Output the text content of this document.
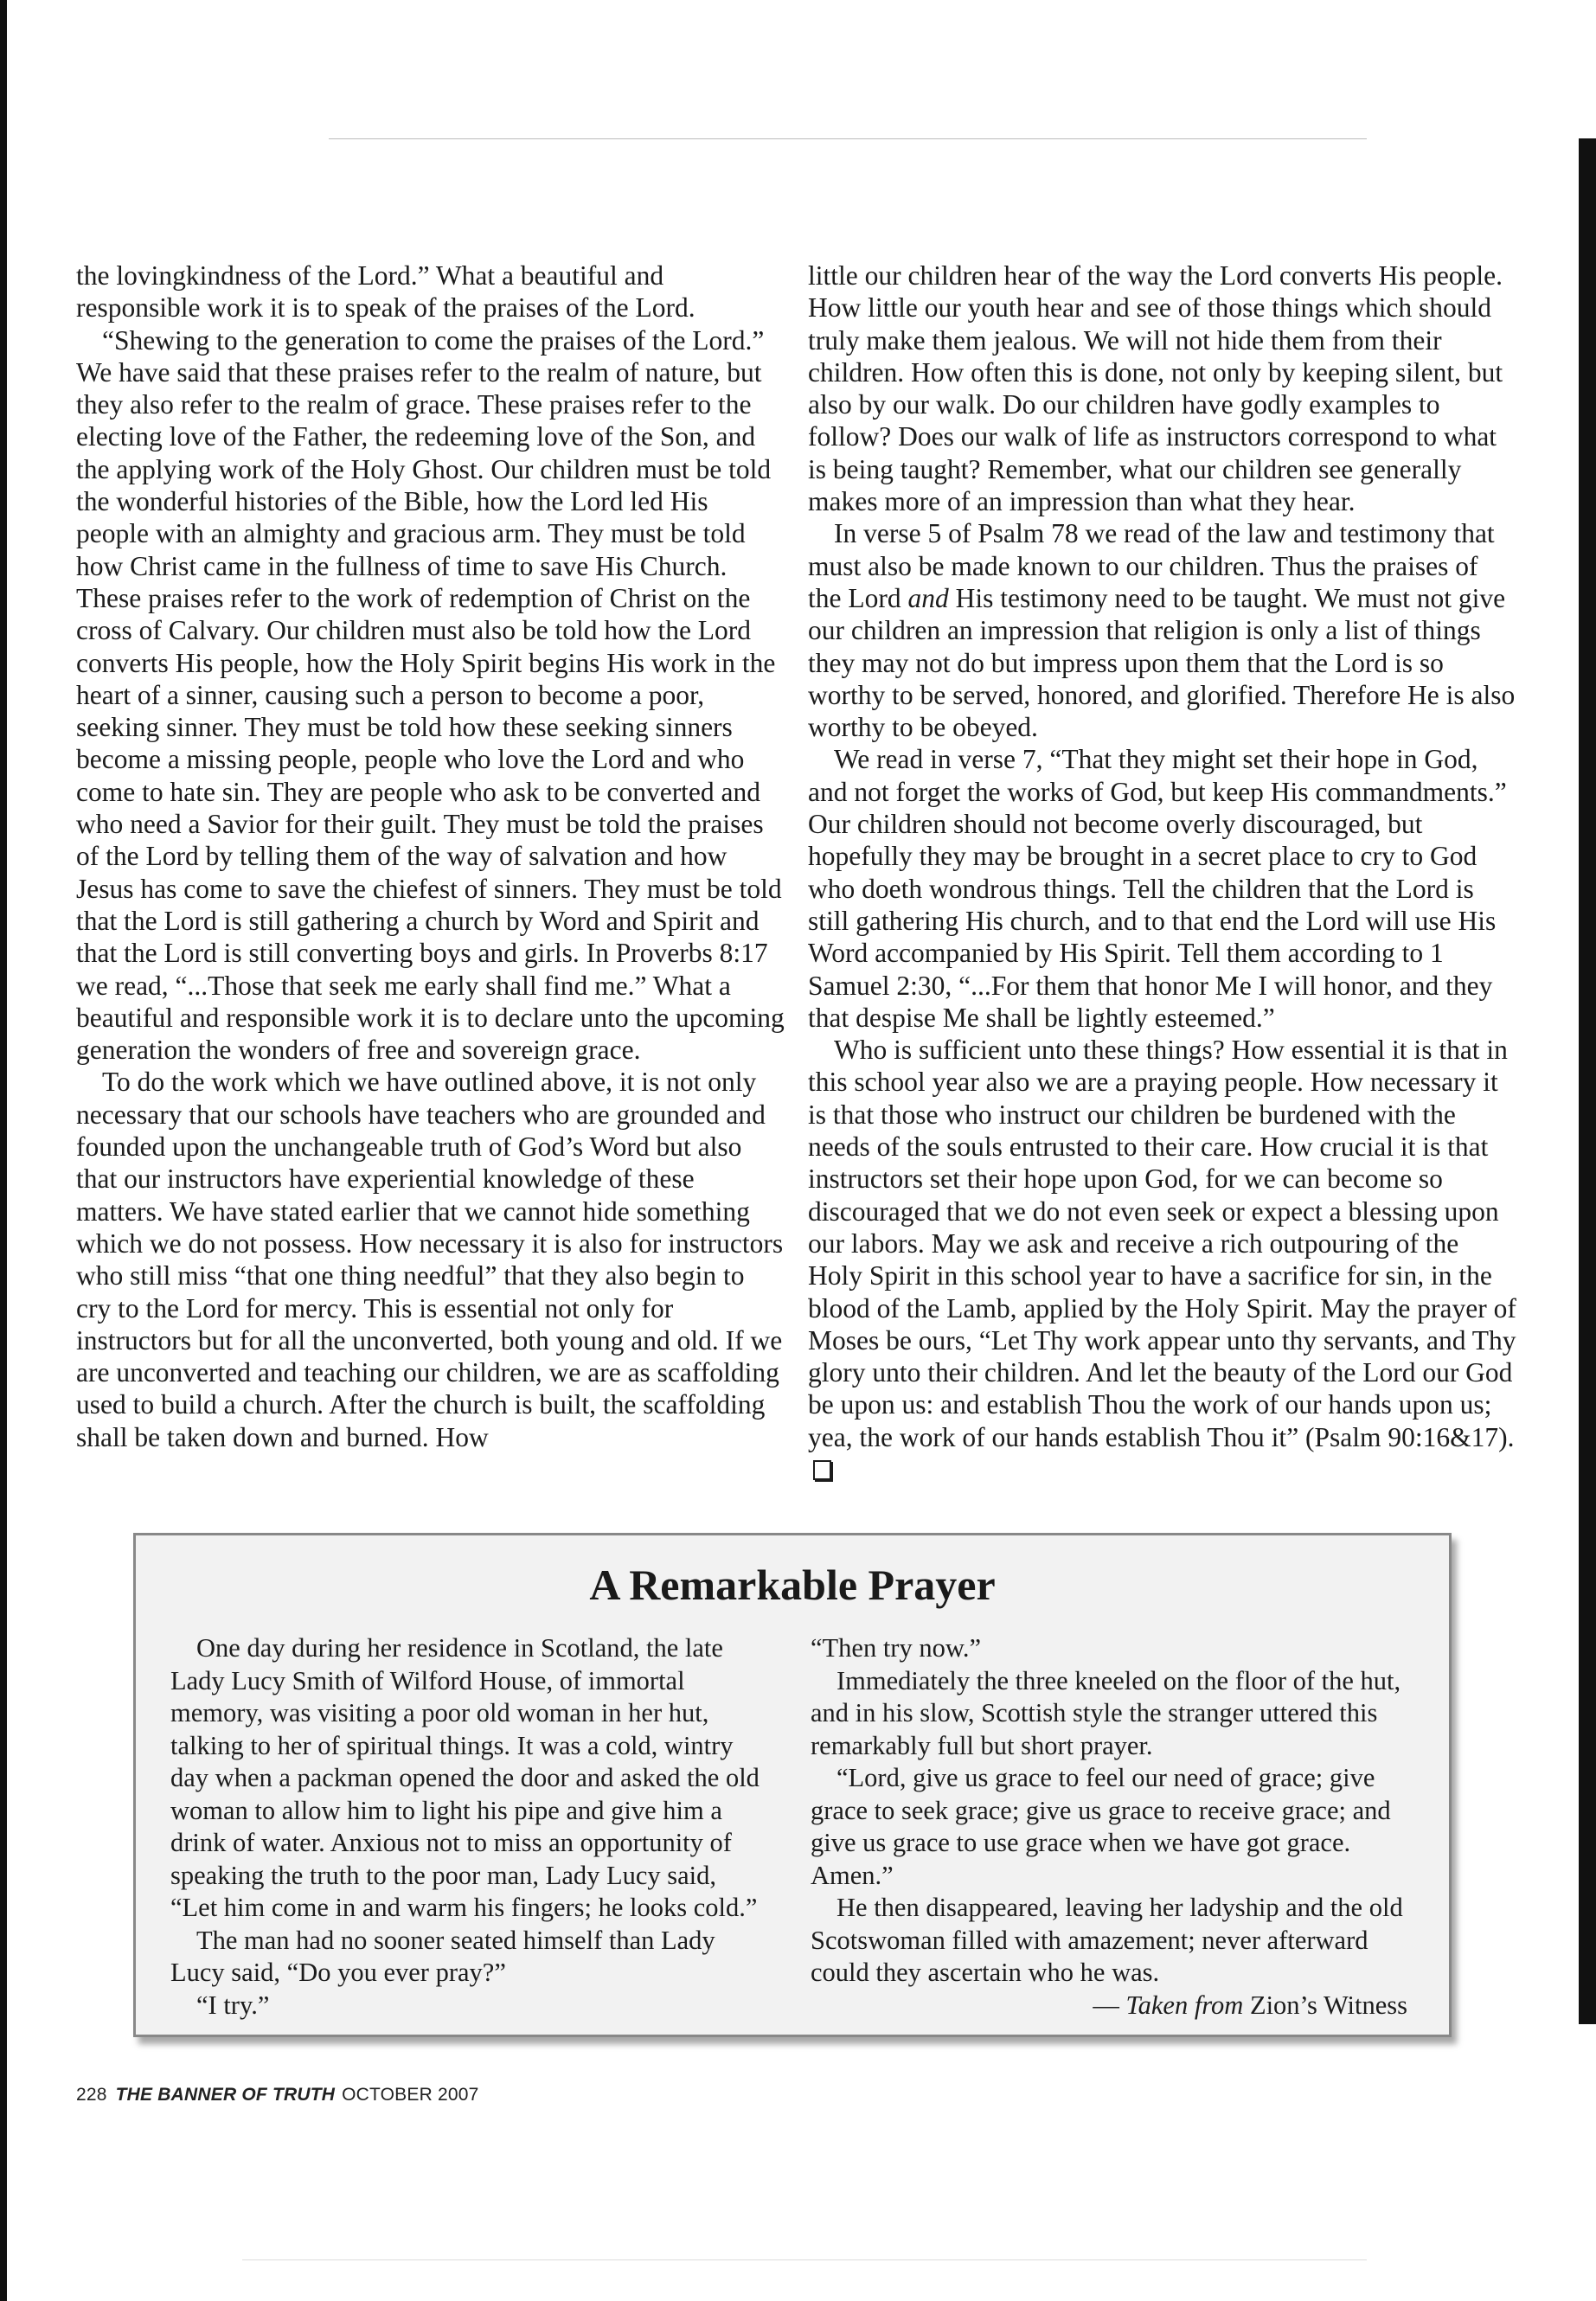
the lovingkindness of the Lord.” What a beautiful and responsible work it is to speak of the praises of the Lord.

“Shewing to the generation to come the praises of the Lord.” We have said that these praises refer to the realm of nature, but they also refer to the realm of grace. These praises refer to the electing love of the Father, the redeeming love of the Son, and the applying work of the Holy Ghost. Our children must be told the wonderful histories of the Bible, how the Lord led His people with an almighty and gracious arm. They must be told how Christ came in the fullness of time to save His Church. These praises refer to the work of redemption of Christ on the cross of Calvary. Our children must also be told how the Lord converts His people, how the Holy Spirit begins His work in the heart of a sinner, causing such a person to become a poor, seeking sinner. They must be told how these seeking sinners become a missing people, people who love the Lord and who come to hate sin. They are people who ask to be converted and who need a Savior for their guilt. They must be told the praises of the Lord by telling them of the way of salvation and how Jesus has come to save the chiefest of sinners. They must be told that the Lord is still gathering a church by Word and Spirit and that the Lord is still converting boys and girls. In Proverbs 8:17 we read, “...Those that seek me early shall find me.” What a beautiful and responsible work it is to declare unto the upcoming generation the wonders of free and sovereign grace.

To do the work which we have outlined above, it is not only necessary that our schools have teachers who are grounded and founded upon the unchangeable truth of God’s Word but also that our instructors have experiential knowledge of these matters. We have stated earlier that we cannot hide something which we do not possess. How necessary it is also for instructors who still miss “that one thing needful” that they also begin to cry to the Lord for mercy. This is essential not only for instructors but for all the unconverted, both young and old. If we are unconverted and teaching our children, we are as scaffolding used to build a church. After the church is built, the scaffolding shall be taken down and burned. How

little our children hear of the way the Lord converts His people. How little our youth hear and see of those things which should truly make them jealous. We will not hide them from their children. How often this is done, not only by keeping silent, but also by our walk. Do our children have godly examples to follow? Does our walk of life as instructors correspond to what is being taught? Remember, what our children see generally makes more of an impression than what they hear.

In verse 5 of Psalm 78 we read of the law and testimony that must also be made known to our children. Thus the praises of the Lord and His testimony need to be taught. We must not give our children an impression that religion is only a list of things they may not do but impress upon them that the Lord is so worthy to be served, honored, and glorified. Therefore He is also worthy to be obeyed.

We read in verse 7, “That they might set their hope in God, and not forget the works of God, but keep His commandments.” Our children should not become overly discouraged, but hopefully they may be brought in a secret place to cry to God who doeth wondrous things. Tell the children that the Lord is still gathering His church, and to that end the Lord will use His Word accompanied by His Spirit. Tell them according to 1 Samuel 2:30, “...For them that honor Me I will honor, and they that despise Me shall be lightly esteemed.”

Who is sufficient unto these things? How essential it is that in this school year also we are a praying people. How necessary it is that those who instruct our children be burdened with the needs of the souls entrusted to their care. How crucial it is that instructors set their hope upon God, for we can become so discouraged that we do not even seek or expect a blessing upon our labors. May we ask and receive a rich outpouring of the Holy Spirit in this school year to have a sacrifice for sin, in the blood of the Lamb, applied by the Holy Spirit. May the prayer of Moses be ours, “Let Thy work appear unto thy servants, and Thy glory unto their children. And let the beauty of the Lord our God be upon us: and establish Thou the work of our hands upon us; yea, the work of our hands establish Thou it” (Psalm 90:16&17).

A Remarkable Prayer

One day during her residence in Scotland, the late Lady Lucy Smith of Wilford House, of immortal memory, was visiting a poor old woman in her hut, talking to her of spiritual things. It was a cold, wintry day when a packman opened the door and asked the old woman to allow him to light his pipe and give him a drink of water. Anxious not to miss an opportunity of speaking the truth to the poor man, Lady Lucy said, “Let him come in and warm his fingers; he looks cold.”

The man had no sooner seated himself than Lady Lucy said, “Do you ever pray?”

“I try.”

“Then try now.”

Immediately the three kneeled on the floor of the hut, and in his slow, Scottish style the stranger uttered this remarkably full but short prayer.

“Lord, give us grace to feel our need of grace; give grace to seek grace; give us grace to receive grace; and give us grace to use grace when we have got grace. Amen.”

He then disappeared, leaving her ladyship and the old Scotswoman filled with amazement; never afterward could they ascertain who he was.

— Taken from Zion’s Witness

228 THE BANNER OF TRUTH OCTOBER 2007
